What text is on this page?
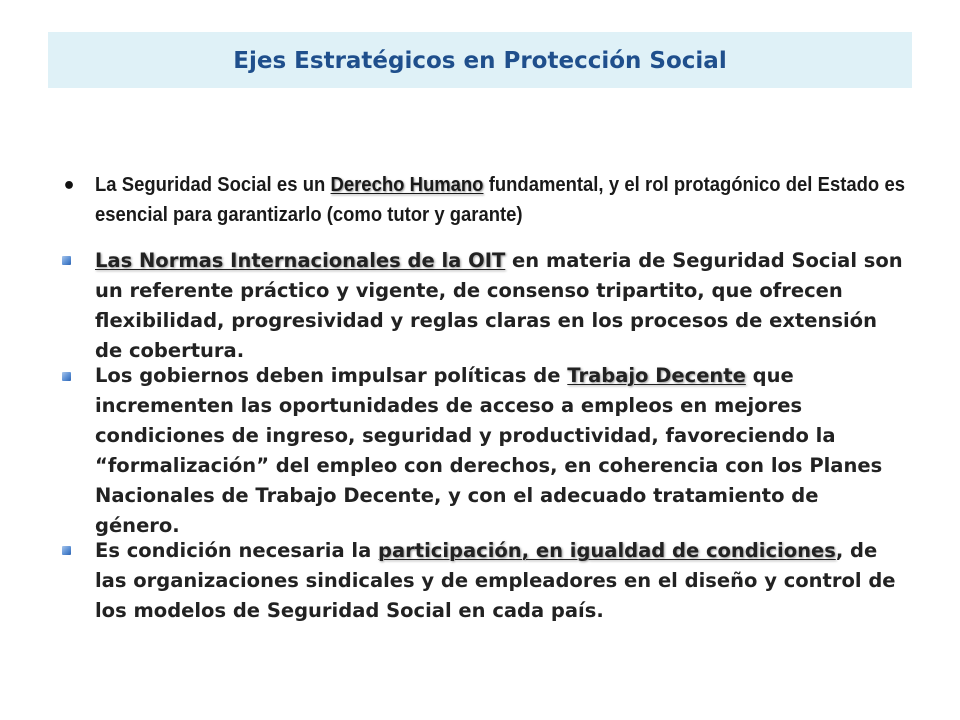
Ejes Estratégicos en Protección Social
• La Seguridad Social es un Derecho Humano fundamental, y el rol protagónico del Estado es esencial para garantizarlo (como tutor y garante)

Las Normas Internacionales de la OIT en materia de Seguridad Social son un referente práctico y vigente, de consenso tripartito, que ofrecen flexibilidad, progresividad y reglas claras en los procesos de extensión de cobertura.

Los gobiernos deben impulsar políticas de Trabajo Decente que incrementen las oportunidades de acceso a empleos en mejores condiciones de ingreso, seguridad y productividad, favoreciendo la “formalización” del empleo con derechos, en coherencia con los Planes Nacionales de Trabajo Decente, y con el adecuado tratamiento de género.

Es condición necesaria la participación, en igualdad de condiciones, de las organizaciones sindicales y de empleadores en el diseño y control de los modelos de Seguridad Social en cada país.
